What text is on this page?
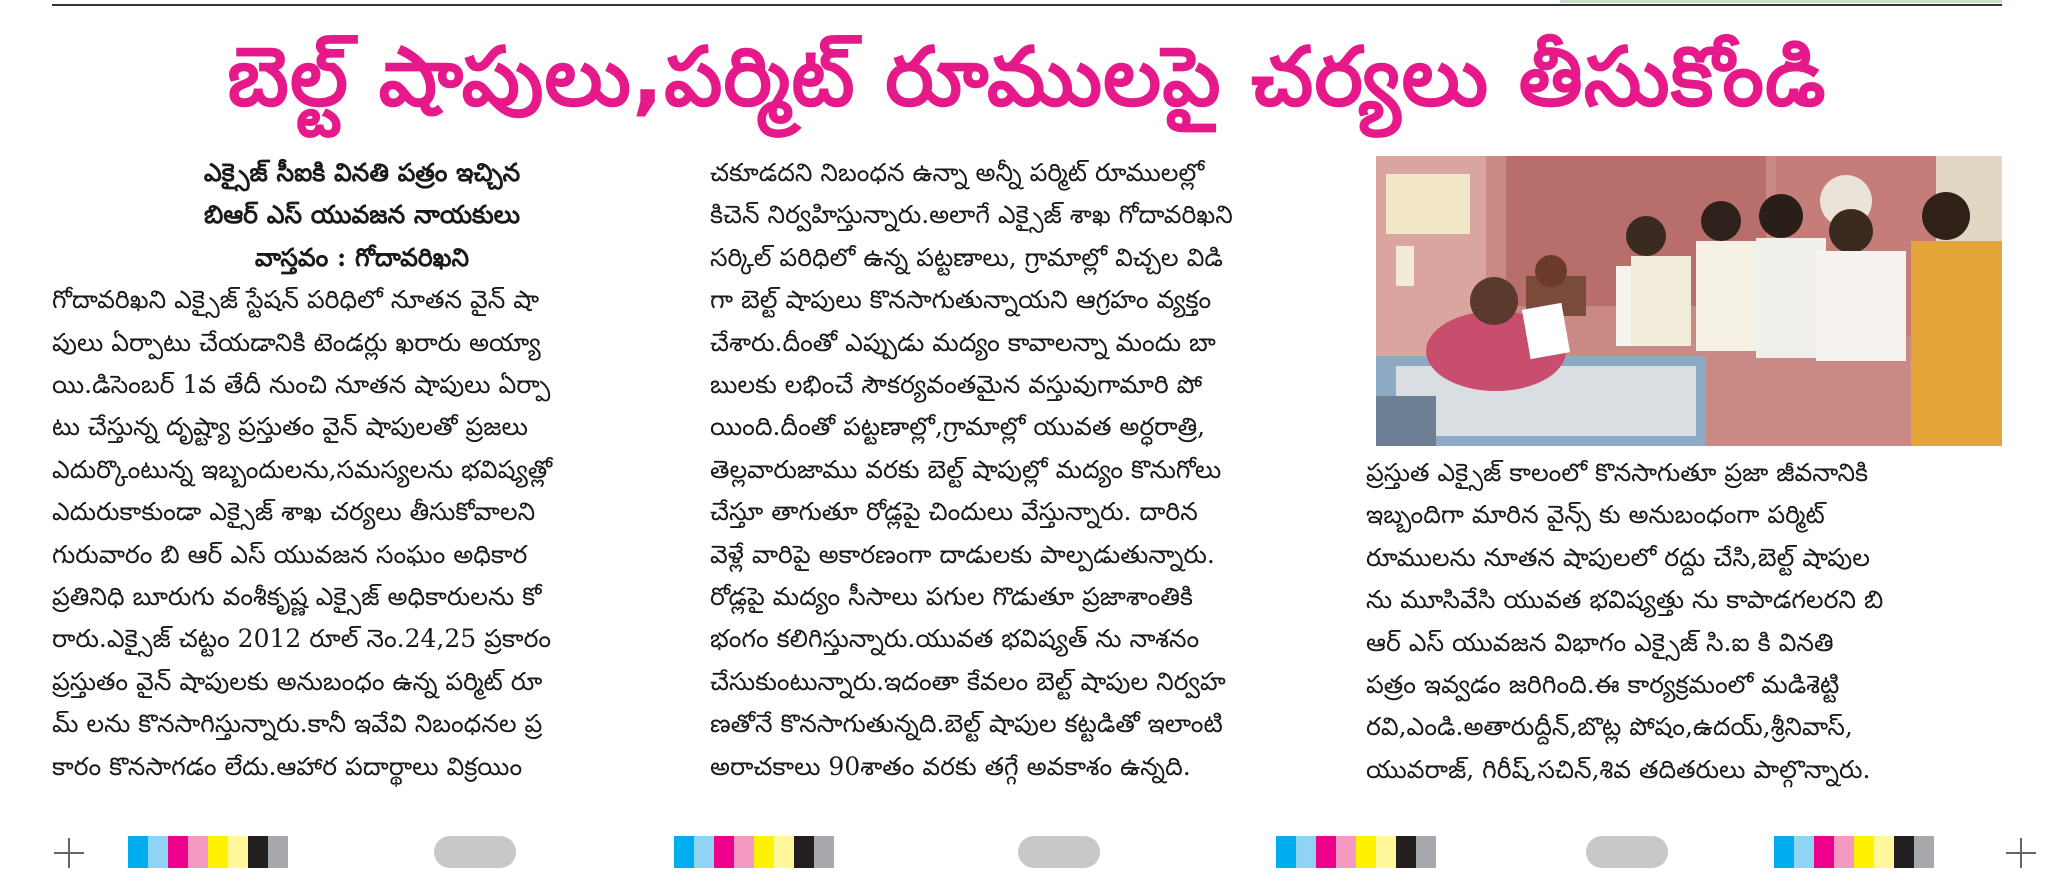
బెల్ట్ షాపులు,పర్మిట్ రూములపై చర్యలు తీసుకోండి

ఎక్సైజ్ సీఐకి వినతి పత్రం ఇచ్చిన

బిఆర్ ఎస్ యువజన నాయకులు

వాస్తవం : గోదావరిఖని

గోదావరిఖని ఎక్సైజ్ స్టేషన్ పరిధిలో నూతన వైన్ షా

పులు ఏర్పాటు చేయడానికి టెండర్లు ఖరారు అయ్యా

యి.డిసెంబర్ 1వ తేదీ నుంచి నూతన షాపులు ఏర్పా

టు చేస్తున్న దృష్ట్యా ప్రస్తుతం వైన్ షాపులతో ప్రజలు

ఎదుర్కొంటున్న ఇబ్బందులను,సమస్యలను భవిష్యత్లో

ఎదురుకాకుండా ఎక్సైజ్ శాఖ చర్యలు తీసుకోవాలని

గురువారం బి ఆర్ ఎస్ యువజన సంఘం అధికార

ప్రతినిధి బూరుగు వంశీకృష్ణ ఎక్సైజ్ అధికారులను కో

రారు.ఎక్సైజ్ చట్టం 2012 రూల్ నెం.24,25 ప్రకారం

ప్రస్తుతం వైన్ షాపులకు అనుబంధం ఉన్న పర్మిట్ రూ

మ్ లను కొనసాగిస్తున్నారు.కానీ ఇవేవి నిబంధనల ప్ర

కారం కొనసాగడం లేదు.ఆహార పదార్థాలు విక్రయిం

చకూడదని నిబంధన ఉన్నా అన్నీ పర్మిట్ రూములల్లో

కిచెన్ నిర్వహిస్తున్నారు.అలాగే ఎక్సైజ్ శాఖ గోదావరిఖని

సర్కిల్ పరిధిలో ఉన్న పట్టణాలు, గ్రామాల్లో విచ్చల విడి

గా బెల్ట్ షాపులు కొనసాగుతున్నాయని ఆగ్రహం వ్యక్తం

చేశారు.దీంతో ఎప్పుడు మద్యం కావాలన్నా మందు బా

బులకు లభించే సౌకర్యవంతమైన వస్తువుగామారి పో

యింది.దీంతో పట్టణాల్లో,గ్రామాల్లో యువత అర్ధరాత్రి,

తెల్లవారుజాము వరకు బెల్ట్ షాపుల్లో మద్యం కొనుగోలు

చేస్తూ తాగుతూ రోడ్లపై చిందులు వేస్తున్నారు. దారిన

వెళ్లే వారిపై అకారణంగా దాడులకు పాల్పడుతున్నారు.

రోడ్లపై మద్యం సీసాలు పగుల గొడుతూ ప్రజాశాంతికి

భంగం కలిగిస్తున్నారు.యువత భవిష్యత్ ను నాశనం

చేసుకుంటున్నారు.ఇదంతా కేవలం బెల్ట్ షాపుల నిర్వహ

ణతోనే కొనసాగుతున్నది.బెల్ట్ షాపుల కట్టడితో ఇలాంటి

అరాచకాలు 90శాతం వరకు తగ్గే అవకాశం ఉన్నది.

ప్రస్తుత ఎక్సైజ్ కాలంలో కొనసాగుతూ ప్రజా జీవనానికి

ఇబ్బందిగా మారిన వైన్స్ కు అనుబంధంగా పర్మిట్

రూములను నూతన షాపులలో రద్దు చేసి,బెల్ట్ షాపుల

ను మూసివేసి యువత భవిష్యత్తు ను కాపాడగలరని బి

ఆర్ ఎస్ యువజన విభాగం ఎక్సైజ్ సి.ఐ కి వినతి

పత్రం ఇవ్వడం జరిగింది.ఈ కార్యక్రమంలో మడిశెట్టి

రవి,ఎండి.అతారుద్దీన్,బొట్ల పోషం,ఉదయ్,శ్రీనివాస్,

యువరాజ్, గిరీష్,సచిన్,శివ తదితరులు పాల్గొన్నారు.
